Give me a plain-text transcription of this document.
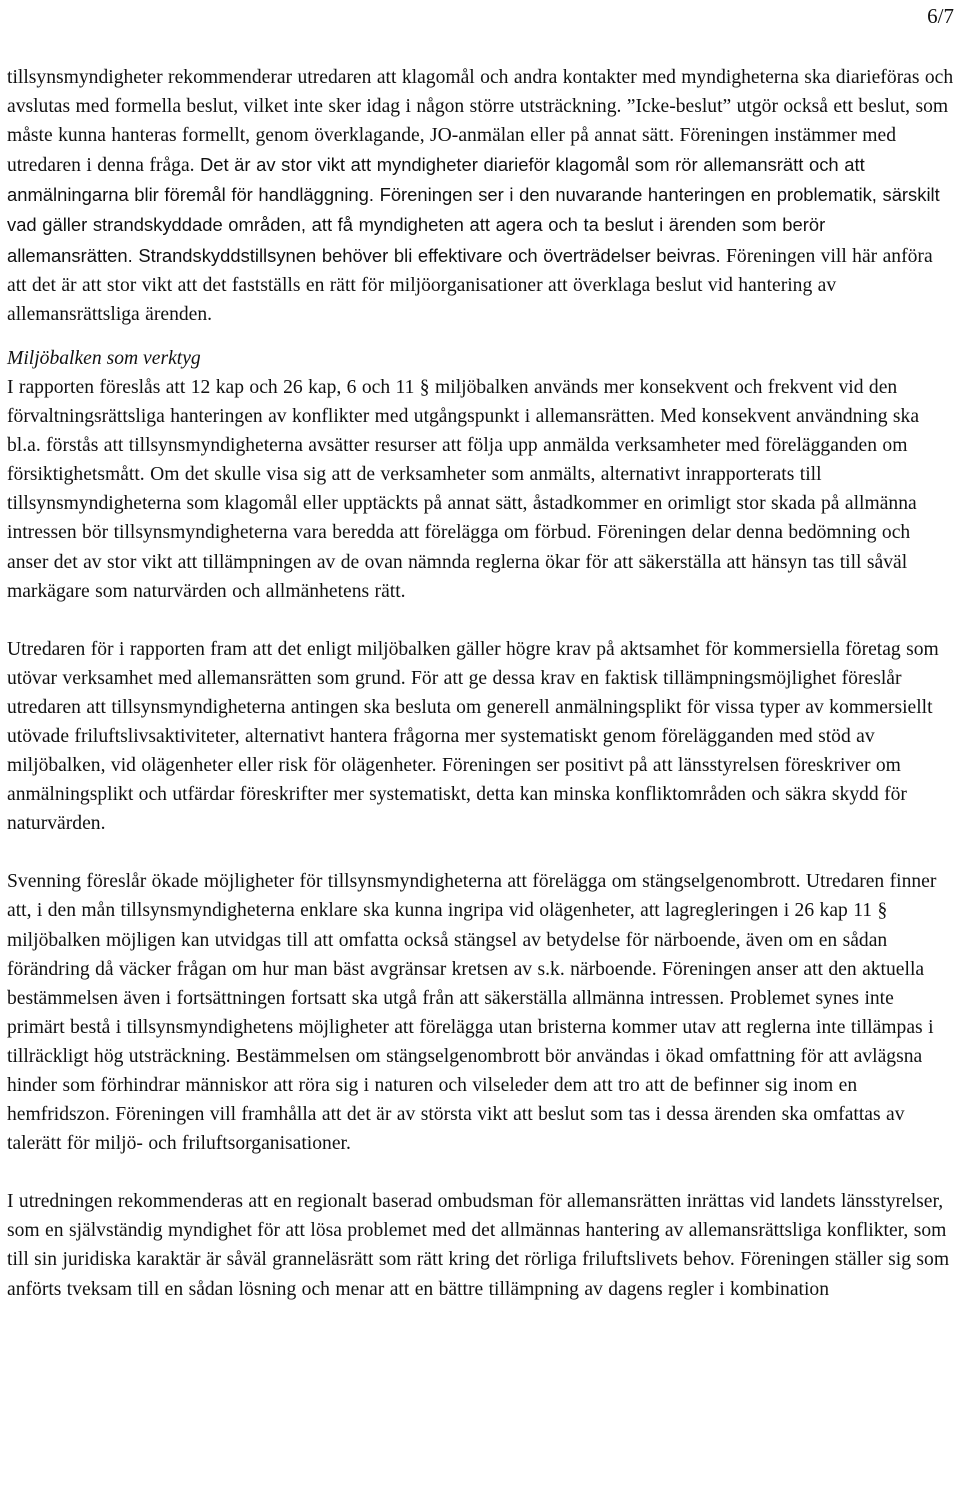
6/7

tillsynsmyndigheter rekommenderar utredaren att klagomål och andra kontakter med myndigheterna ska diarieföras och avslutas med formella beslut, vilket inte sker idag i någon större utsträckning. ”Icke-beslut” utgör också ett beslut, som måste kunna hanteras formellt, genom överklagande, JO-anmälan eller på annat sätt. Föreningen instämmer med utredaren i denna fråga. Det är av stor vikt att myndigheter diarieför klagomål som rör allemansrätt och att anmälningarna blir föremål för handläggning. Föreningen ser i den nuvarande hanteringen en problematik, särskilt vad gäller strandskyddade områden, att få myndigheten att agera och ta beslut i ärenden som berör allemansrätten. Strandskyddstillsynen behöver bli effektivare och överträdelser beivras. Föreningen vill här anföra att det är att stor vikt att det fastställs en rätt för miljöorganisationer att överklaga beslut vid hantering av allemansrättsliga ärenden.

Miljöbalken som verktyg

I rapporten föreslås att 12 kap och 26 kap, 6 och 11 § miljöbalken används mer konsekvent och frekvent vid den förvaltningsrättsliga hanteringen av konflikter med utgångspunkt i allemansrätten. Med konsekvent användning ska bl.a. förstås att tillsynsmyndigheterna avsätter resurser att följa upp anmälda verksamheter med förelägganden om försiktighetsmått. Om det skulle visa sig att de verksamheter som anmälts, alternativt inrapporterats till tillsynsmyndigheterna som klagomål eller upptäckts på annat sätt, åstadkommer en orimligt stor skada på allmänna intressen bör tillsynsmyndigheterna vara beredda att förelägga om förbud. Föreningen delar denna bedömning och anser det av stor vikt att tillämpningen av de ovan nämnda reglerna ökar för att säkerställa att hänsyn tas till såväl markägare som naturvärden och allmänhetens rätt.

Utredaren för i rapporten fram att det enligt miljöbalken gäller högre krav på aktsamhet för kommersiella företag som utövar verksamhet med allemansrätten som grund. För att ge dessa krav en faktisk tillämpningsmöjlighet föreslår utredaren att tillsynsmyndigheterna antingen ska besluta om generell anmälningsplikt för vissa typer av kommersiellt utövade friluftslivsaktiviteter, alternativt hantera frågorna mer systematiskt genom förelägganden med stöd av miljöbalken, vid olägenheter eller risk för olägenheter. Föreningen ser positivt på att länsstyrelsen föreskriver om anmälningsplikt och utfärdar föreskrifter mer systematiskt, detta kan minska konfliktområden och säkra skydd för naturvärden.

Svenning föreslår ökade möjligheter för tillsynsmyndigheterna att förelägga om stängselgenombrott. Utredaren finner att, i den mån tillsynsmyndigheterna enklare ska kunna ingripa vid olägenheter, att lagregleringen i 26 kap 11 § miljöbalken möjligen kan utvidgas till att omfatta också stängsel av betydelse för närboende, även om en sådan förändring då väcker frågan om hur man bäst avgränsar kretsen av s.k. närboende. Föreningen anser att den aktuella bestämmelsen även i fortsättningen fortsatt ska utgå från att säkerställa allmänna intressen. Problemet synes inte primärt bestå i tillsynsmyndighetens möjligheter att förelägga utan bristerna kommer utav att reglerna inte tillämpas i tillräckligt hög utsträckning. Bestämmelsen om stängselgenombrott bör användas i ökad omfattning för att avlägsna hinder som förhindrar människor att röra sig i naturen och vilseleder dem att tro att de befinner sig inom en hemfridszon. Föreningen vill framhålla att det är av största vikt att beslut som tas i dessa ärenden ska omfattas av talerätt för miljö- och friluftsorganisationer.

I utredningen rekommenderas att en regionalt baserad ombudsman för allemansrätten inrättas vid landets länsstyrelser, som en självständig myndighet för att lösa problemet med det allmännas hantering av allemansrättsliga konflikter, som till sin juridiska karaktär är såväl granneläsrätt som rätt kring det rörliga friluftslivets behov. Föreningen ställer sig som anförts tveksam till en sådan lösning och menar att en bättre tillämpning av dagens regler i kombination
